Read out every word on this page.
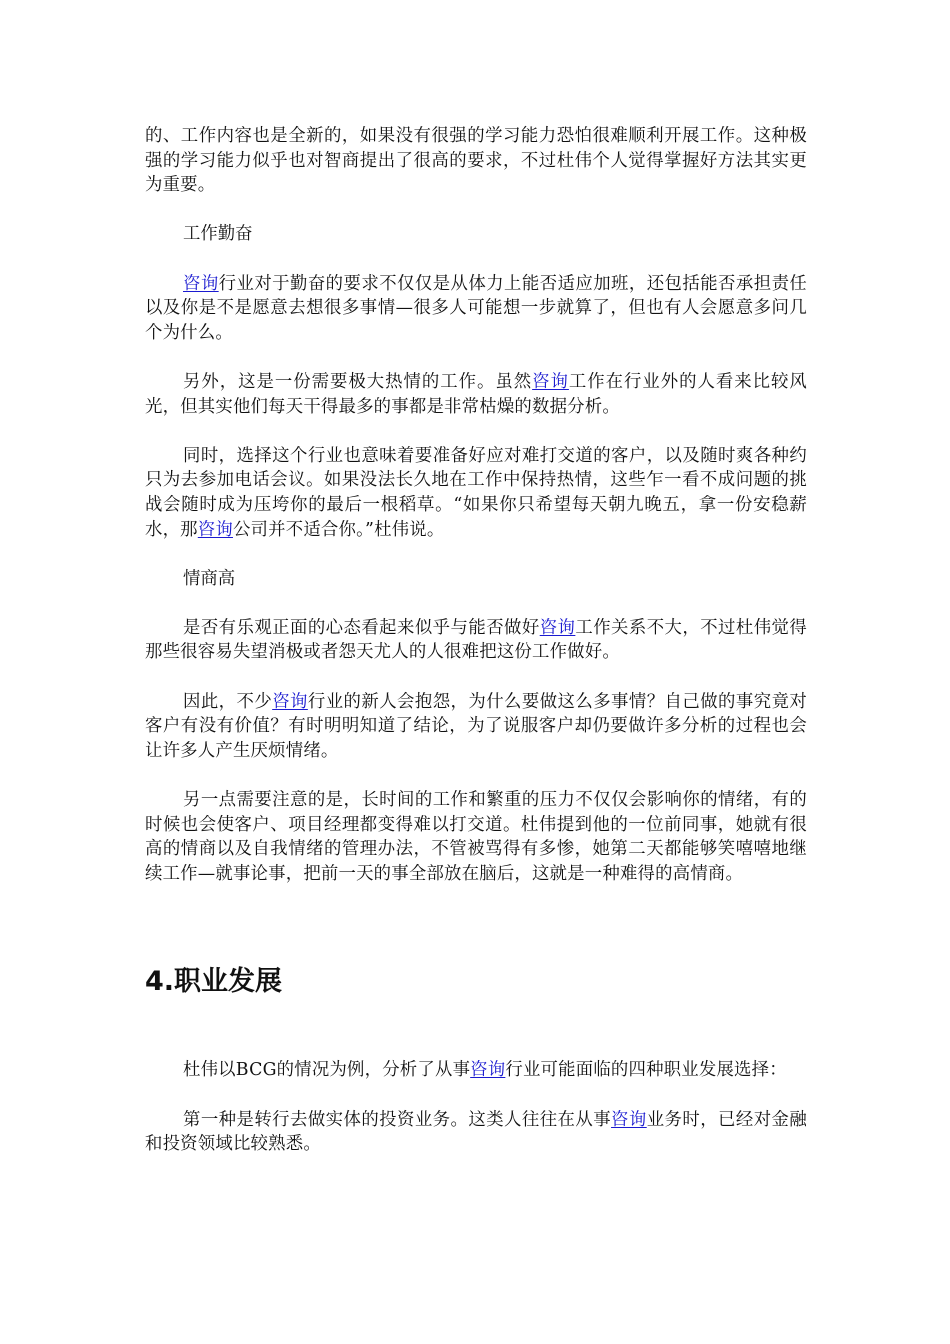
的、工作内容也是全新的，如果没有很强的学习能力恐怕很难顺利开展工作。这种极强的学习能力似乎也对智商提出了很高的要求，不过杜伟个人觉得掌握好方法其实更为重要。

工作勤奋

咨询行业对于勤奋的要求不仅仅是从体力上能否适应加班，还包括能否承担责任以及你是不是愿意去想很多事情—很多人可能想一步就算了，但也有人会愿意多问几个为什么。

另外，这是一份需要极大热情的工作。虽然咨询工作在行业外的人看来比较风光，但其实他们每天干得最多的事都是非常枯燥的数据分析。

同时，选择这个行业也意味着要准备好应对难打交道的客户，以及随时爽各种约只为去参加电话会议。如果没法长久地在工作中保持热情，这些乍一看不成问题的挑战会随时成为压垮你的最后一根稻草。“如果你只希望每天朝九晚五，拿一份安稳薪水，那咨询公司并不适合你。”杜伟说。

情商高

是否有乐观正面的心态看起来似乎与能否做好咨询工作关系不大，不过杜伟觉得那些很容易失望消极或者怨天尤人的人很难把这份工作做好。

因此，不少咨询行业的新人会抱怨，为什么要做这么多事情？自己做的事究竟对客户有没有价值？有时明明知道了结论，为了说服客户却仍要做许多分析的过程也会让许多人产生厌烦情绪。

另一点需要注意的是，长时间的工作和繁重的压力不仅仅会影响你的情绪，有的时候也会使客户、项目经理都变得难以打交道。杜伟提到他的一位前同事，她就有很高的情商以及自我情绪的管理办法，不管被骂得有多惨，她第二天都能够笑嘻嘻地继续工作—就事论事，把前一天的事全部放在脑后，这就是一种难得的高情商。

4.职业发展

杜伟以BCG的情况为例，分析了从事咨询行业可能面临的四种职业发展选择：

第一种是转行去做实体的投资业务。这类人往往在从事咨询业务时，已经对金融和投资领域比较熟悉。
